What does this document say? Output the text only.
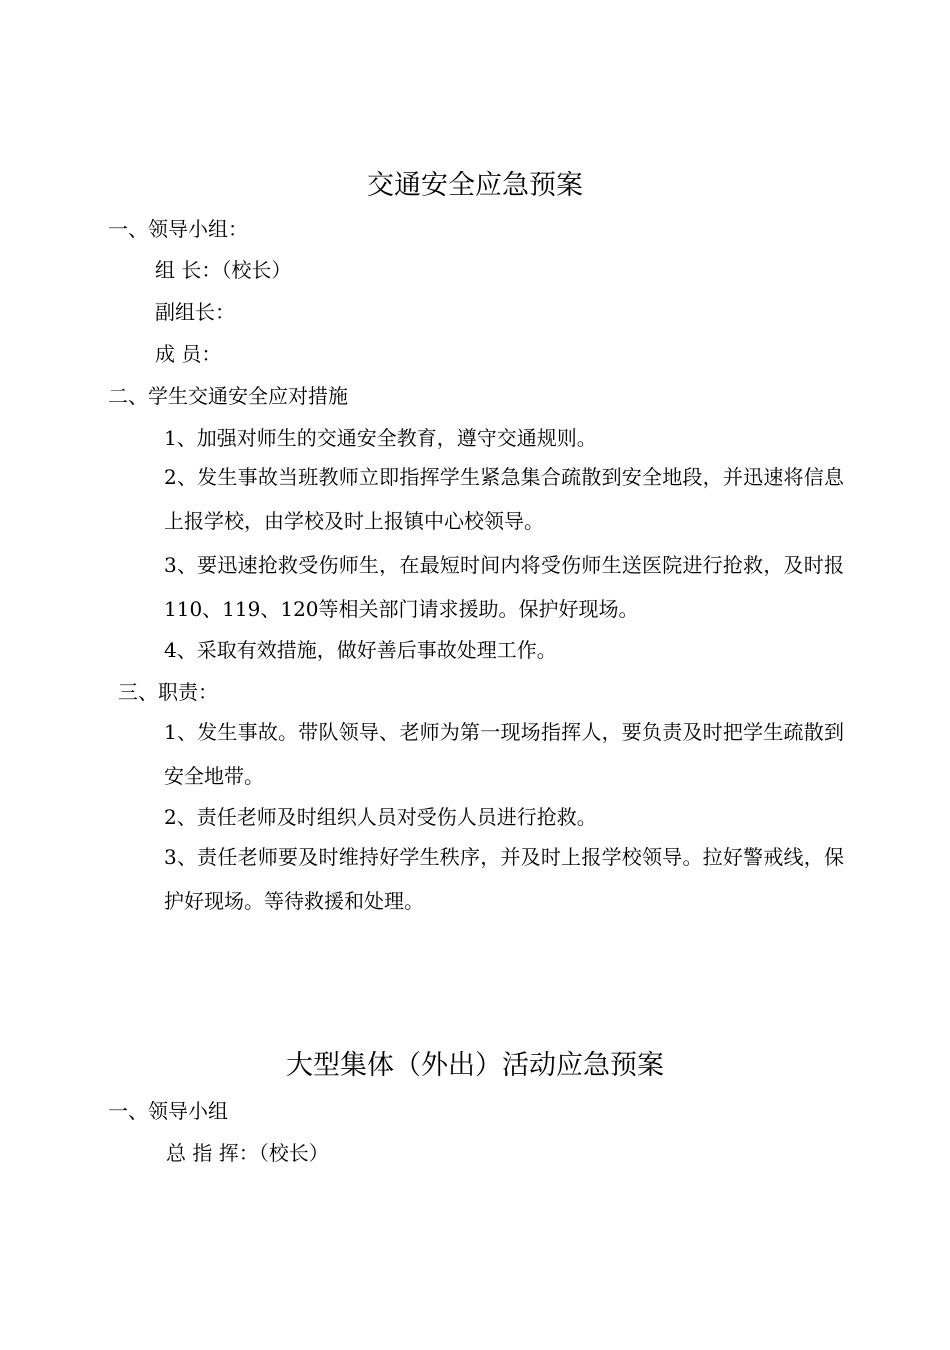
交通安全应急预案
一、领导小组：
组 长：（校长）
副组长：
成 员：
二、学生交通安全应对措施
1、加强对师生的交通安全教育，遵守交通规则。
2、发生事故当班教师立即指挥学生紧急集合疏散到安全地段，并迅速将信息上报学校，由学校及时上报镇中心校领导。
3、要迅速抢救受伤师生，在最短时间内将受伤师生送医院进行抢救，及时报110、119、120等相关部门请求援助。保护好现场。
4、采取有效措施，做好善后事故处理工作。
三、职责：
1、发生事故。带队领导、老师为第一现场指挥人，要负责及时把学生疏散到安全地带。
2、责任老师及时组织人员对受伤人员进行抢救。
3、责任老师要及时维持好学生秩序，并及时上报学校领导。拉好警戒线，保护好现场。等待救援和处理。
大型集体（外出）活动应急预案
一、领导小组
总 指 挥：（校长）
